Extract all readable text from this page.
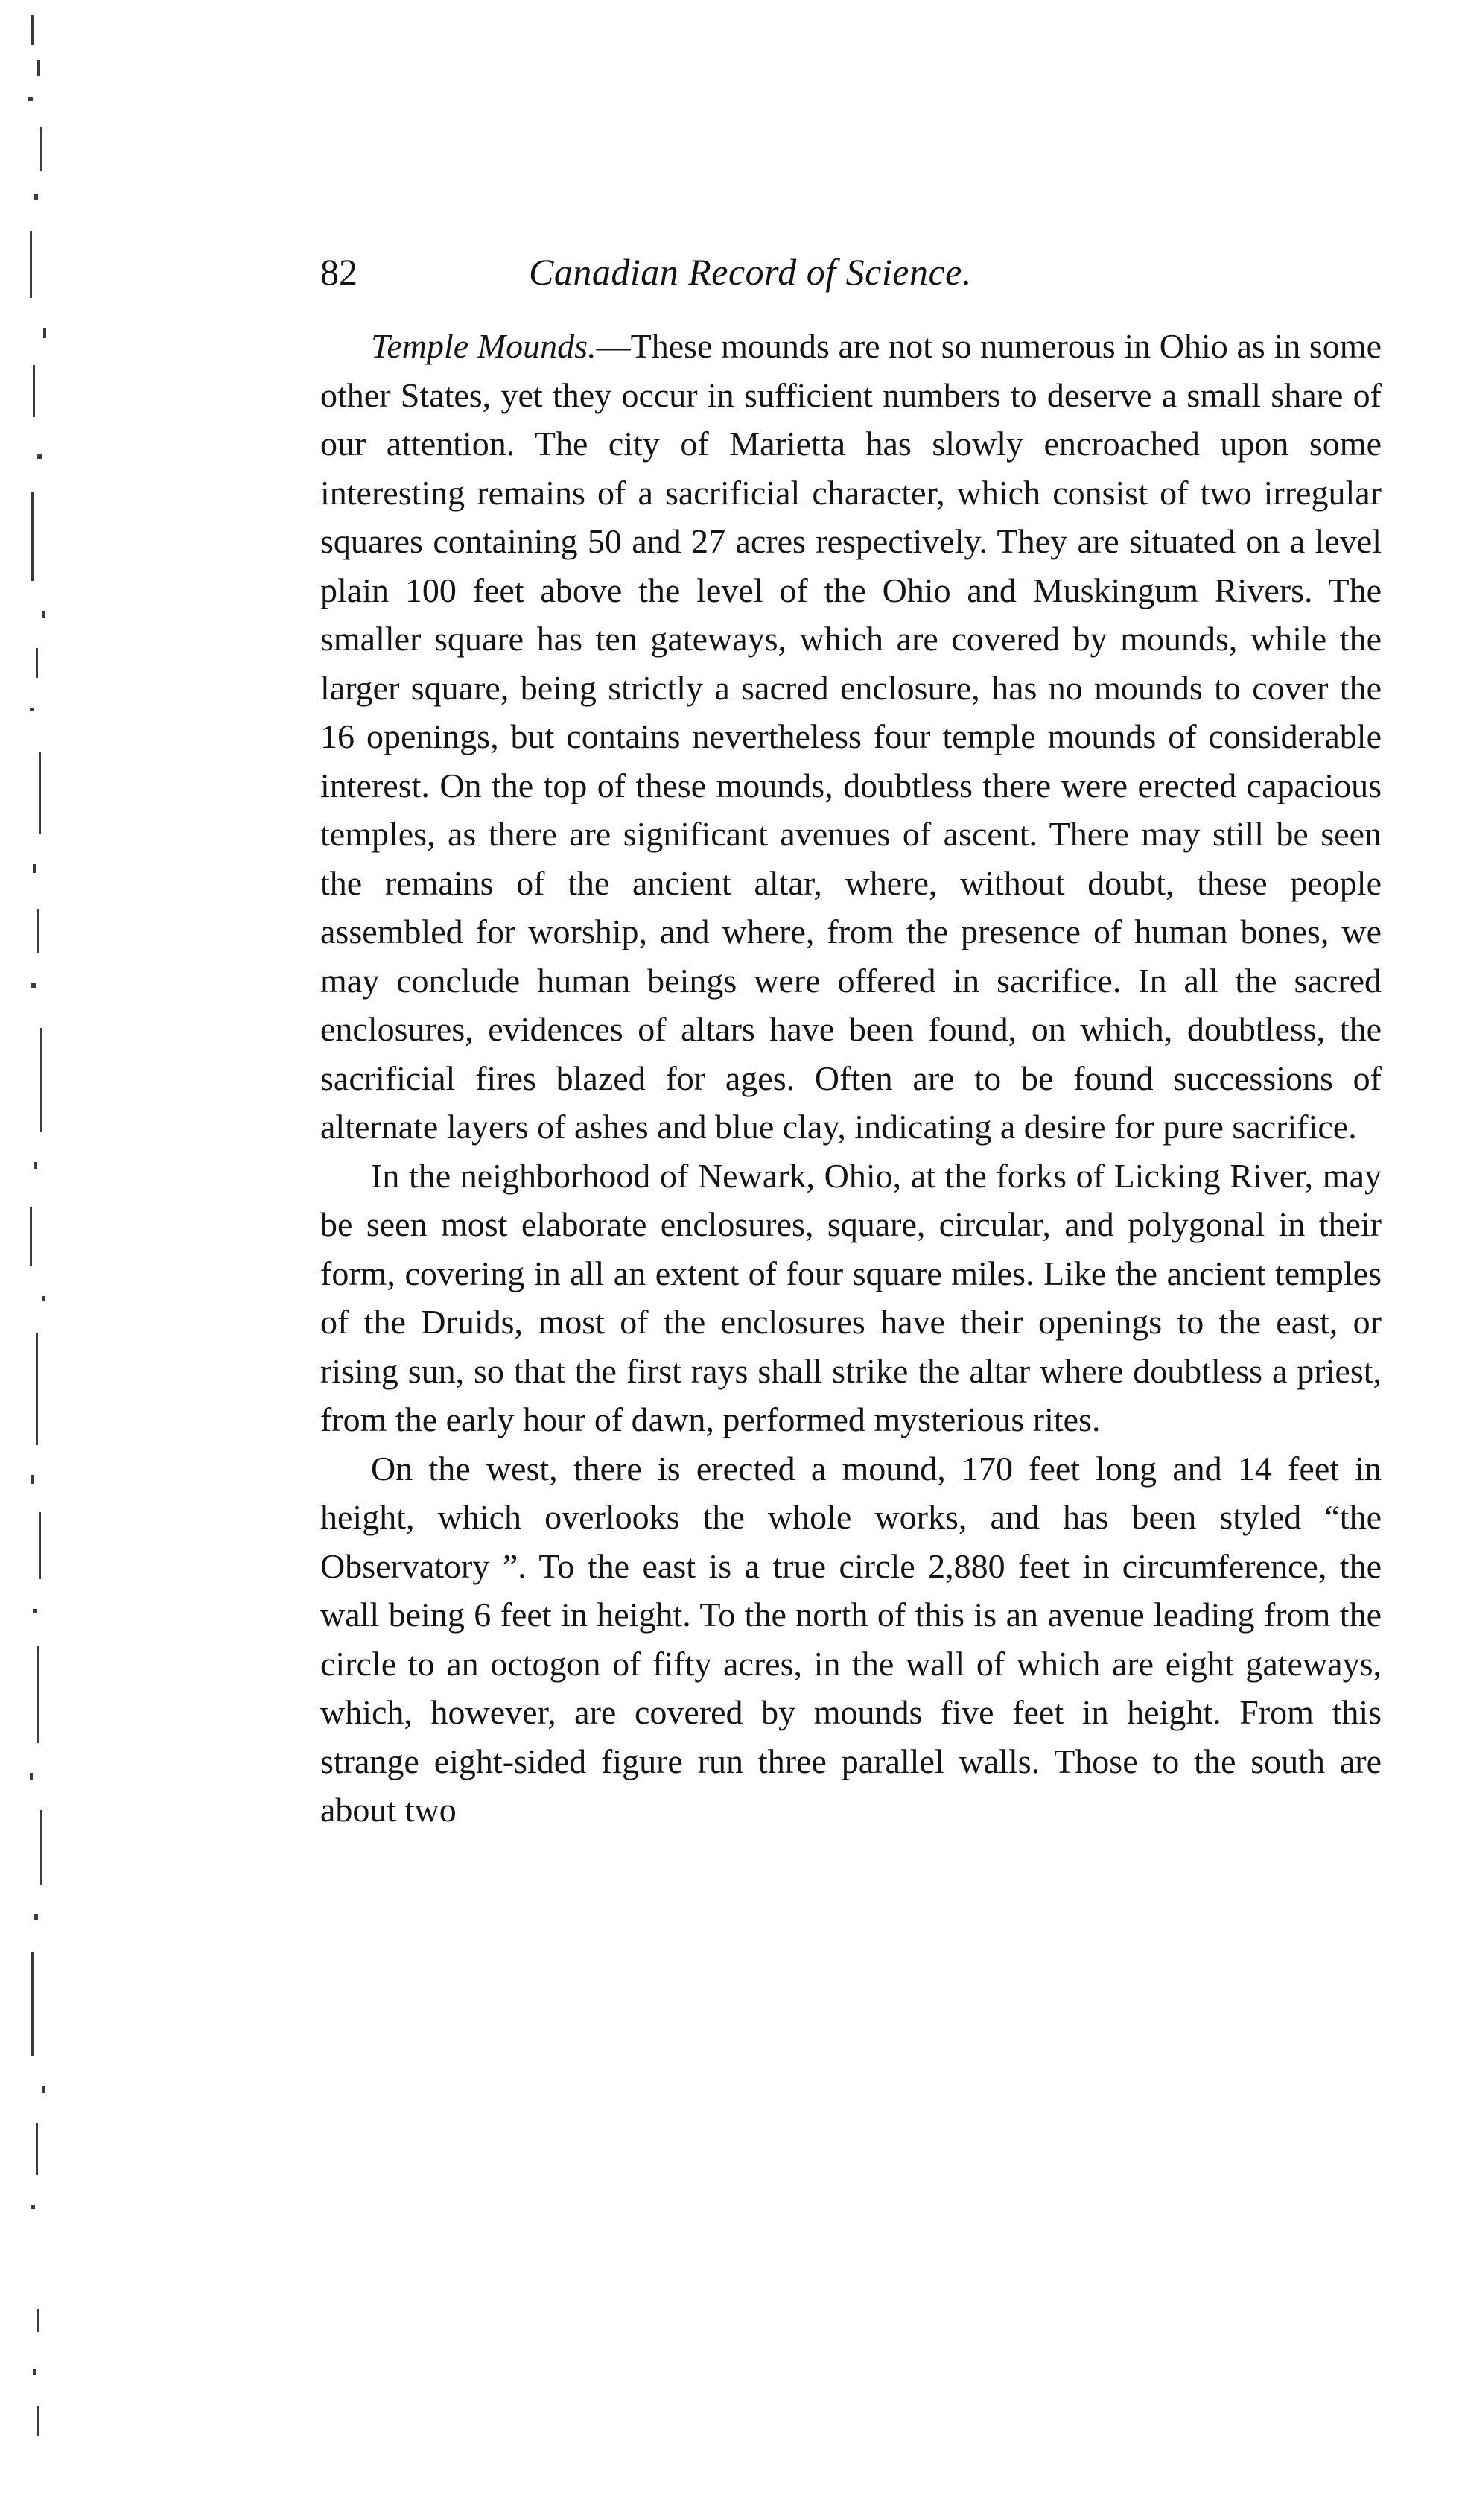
82	Canadian Record of Science.

Temple Mounds.—These mounds are not so numerous in Ohio as in some other States, yet they occur in sufficient numbers to deserve a small share of our attention. The city of Marietta has slowly encroached upon some interesting remains of a sacrificial character, which consist of two irregular squares containing 50 and 27 acres respectively. They are situated on a level plain 100 feet above the level of the Ohio and Muskingum Rivers. The smaller square has ten gateways, which are covered by mounds, while the larger square, being strictly a sacred enclosure, has no mounds to cover the 16 openings, but contains nevertheless four temple mounds of considerable interest. On the top of these mounds, doubtless there were erected capacious temples, as there are significant avenues of ascent. There may still be seen the remains of the ancient altar, where, without doubt, these people assembled for worship, and where, from the presence of human bones, we may conclude human beings were offered in sacrifice. In all the sacred enclosures, evidences of altars have been found, on which, doubtless, the sacrificial fires blazed for ages. Often are to be found successions of alternate layers of ashes and blue clay, indicating a desire for pure sacrifice.

In the neighborhood of Newark, Ohio, at the forks of Licking River, may be seen most elaborate enclosures, square, circular, and polygonal in their form, covering in all an extent of four square miles. Like the ancient temples of the Druids, most of the enclosures have their openings to the east, or rising sun, so that the first rays shall strike the altar where doubtless a priest, from the early hour of dawn, performed mysterious rites.

On the west, there is erected a mound, 170 feet long and 14 feet in height, which overlooks the whole works, and has been styled “the Observatory ”. To the east is a true circle 2,880 feet in circumference, the wall being 6 feet in height. To the north of this is an avenue leading from the circle to an octogon of fifty acres, in the wall of which are eight gateways, which, however, are covered by mounds five feet in height. From this strange eight-sided figure run three parallel walls. Those to the south are about two
